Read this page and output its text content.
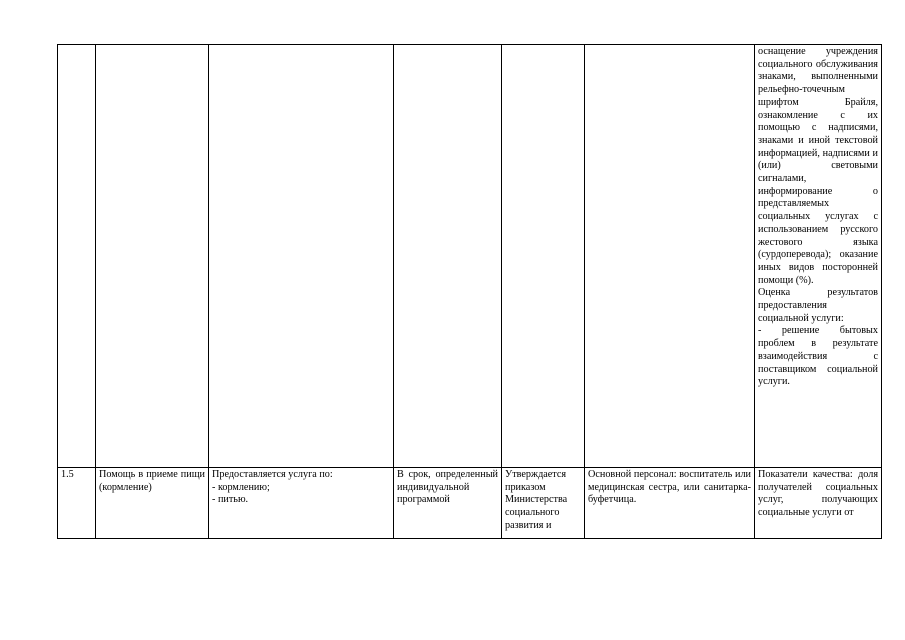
						оснащение учреждения социального обслуживания знаками, выполненными рельефно-точечным шрифтом Брайля, ознакомление с их помощью с надписями, знаками и иной текстовой информацией, надписями и (или) световыми сигналами, информирование о представляемых социальных услугах с использованием русского жестового языка (сурдоперевода); оказание иных видов посторонней помощи (%).
Оценка результатов предоставления социальной услуги:
- решение бытовых проблем в результате взаимодействия с поставщиком социальной услуги.

1.5	Помощь в приеме пищи (кормление)	Предоставляется услуга по:
- кормлению;
- питью.	В срок, определенный индивидуальной программой	Утверждается приказом Министерства социального развития и	Основной персонал: воспитатель или медицинская сестра, или санитарка-буфетчица.	Показатели качества: доля получателей социальных услуг, получающих социальные услуги от
